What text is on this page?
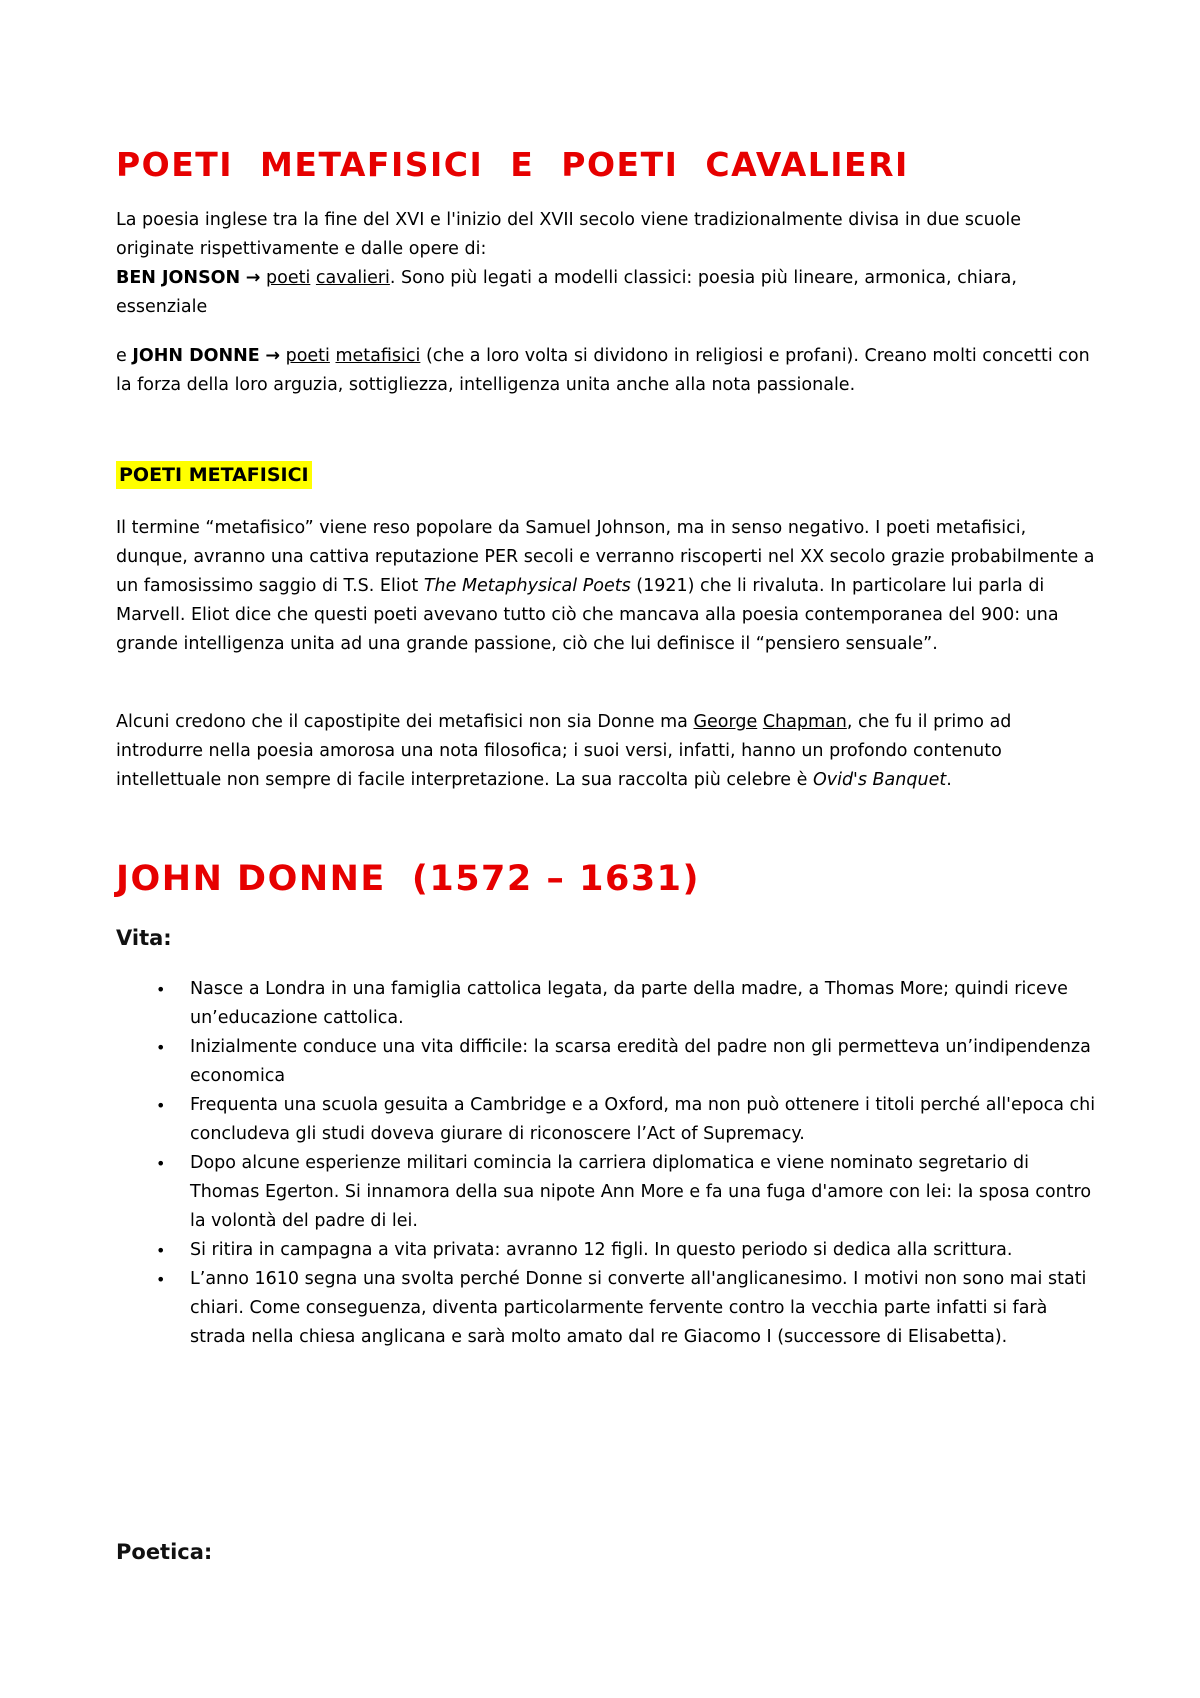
POETI METAFISICI E POETI CAVALIERI

La poesia inglese tra la fine del XVI e l'inizio del XVII secolo viene tradizionalmente divisa in due scuole originate rispettivamente e dalle opere di:
BEN JONSON → poeti cavalieri. Sono più legati a modelli classici: poesia più lineare, armonica, chiara, essenziale

e JOHN DONNE → poeti metafisici (che a loro volta si dividono in religiosi e profani). Creano molti concetti con la forza della loro arguzia, sottigliezza, intelligenza unita anche alla nota passionale.

POETI METAFISICI

Il termine “metafisico” viene reso popolare da Samuel Johnson, ma in senso negativo. I poeti metafisici, dunque, avranno una cattiva reputazione PER secoli e verranno riscoperti nel XX secolo grazie probabilmente a un famosissimo saggio di T.S. Eliot The Metaphysical Poets (1921) che li rivaluta. In particolare lui parla di Marvell. Eliot dice che questi poeti avevano tutto ciò che mancava alla poesia contemporanea del 900: una grande intelligenza unita ad una grande passione, ciò che lui definisce il “pensiero sensuale”.

Alcuni credono che il capostipite dei metafisici non sia Donne ma George Chapman, che fu il primo ad introdurre nella poesia amorosa una nota filosofica; i suoi versi, infatti, hanno un profondo contenuto intellettuale non sempre di facile interpretazione. La sua raccolta più celebre è Ovid's Banquet.

JOHN DONNE (1572 – 1631)
Vita:
• Nasce a Londra in una famiglia cattolica legata, da parte della madre, a Thomas More; quindi riceve un’educazione cattolica.
• Inizialmente conduce una vita difficile: la scarsa eredità del padre non gli permetteva un’indipendenza economica
• Frequenta una scuola gesuita a Cambridge e a Oxford, ma non può ottenere i titoli perché all'epoca chi concludeva gli studi doveva giurare di riconoscere l’Act of Supremacy.
• Dopo alcune esperienze militari comincia la carriera diplomatica e viene nominato segretario di Thomas Egerton. Si innamora della sua nipote Ann More e fa una fuga d'amore con lei: la sposa contro la volontà del padre di lei.
• Si ritira in campagna a vita privata: avranno 12 figli. In questo periodo si dedica alla scrittura.
• L’anno 1610 segna una svolta perché Donne si converte all'anglicanesimo. I motivi non sono mai stati chiari. Come conseguenza, diventa particolarmente fervente contro la vecchia parte infatti si farà strada nella chiesa anglicana e sarà molto amato dal re Giacomo I (successore di Elisabetta).
Poetica:
